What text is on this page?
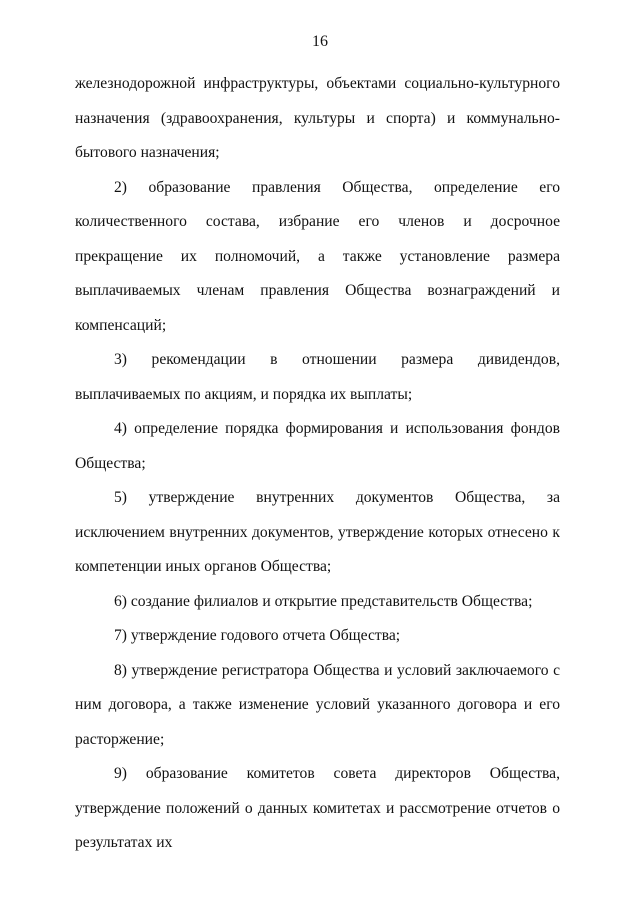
16

железнодорожной инфраструктуры, объектами социально-культурного назначения (здравоохранения, культуры и спорта) и коммунально-бытового назначения;

2) образование правления Общества, определение его количественного состава, избрание его членов и досрочное прекращение их полномочий, а также установление размера выплачиваемых членам правления Общества вознаграждений и компенсаций;

3) рекомендации в отношении размера дивидендов, выплачиваемых по акциям, и порядка их выплаты;

4) определение порядка формирования и использования фондов Общества;

5) утверждение внутренних документов Общества, за исключением внутренних документов, утверждение которых отнесено к компетенции иных органов Общества;

6) создание филиалов и открытие представительств Общества;

7) утверждение годового отчета Общества;

8) утверждение регистратора Общества и условий заключаемого с ним договора, а также изменение условий указанного договора и его расторжение;

9) образование комитетов совета директоров Общества, утверждение положений о данных комитетах и рассмотрение отчетов о результатах их
